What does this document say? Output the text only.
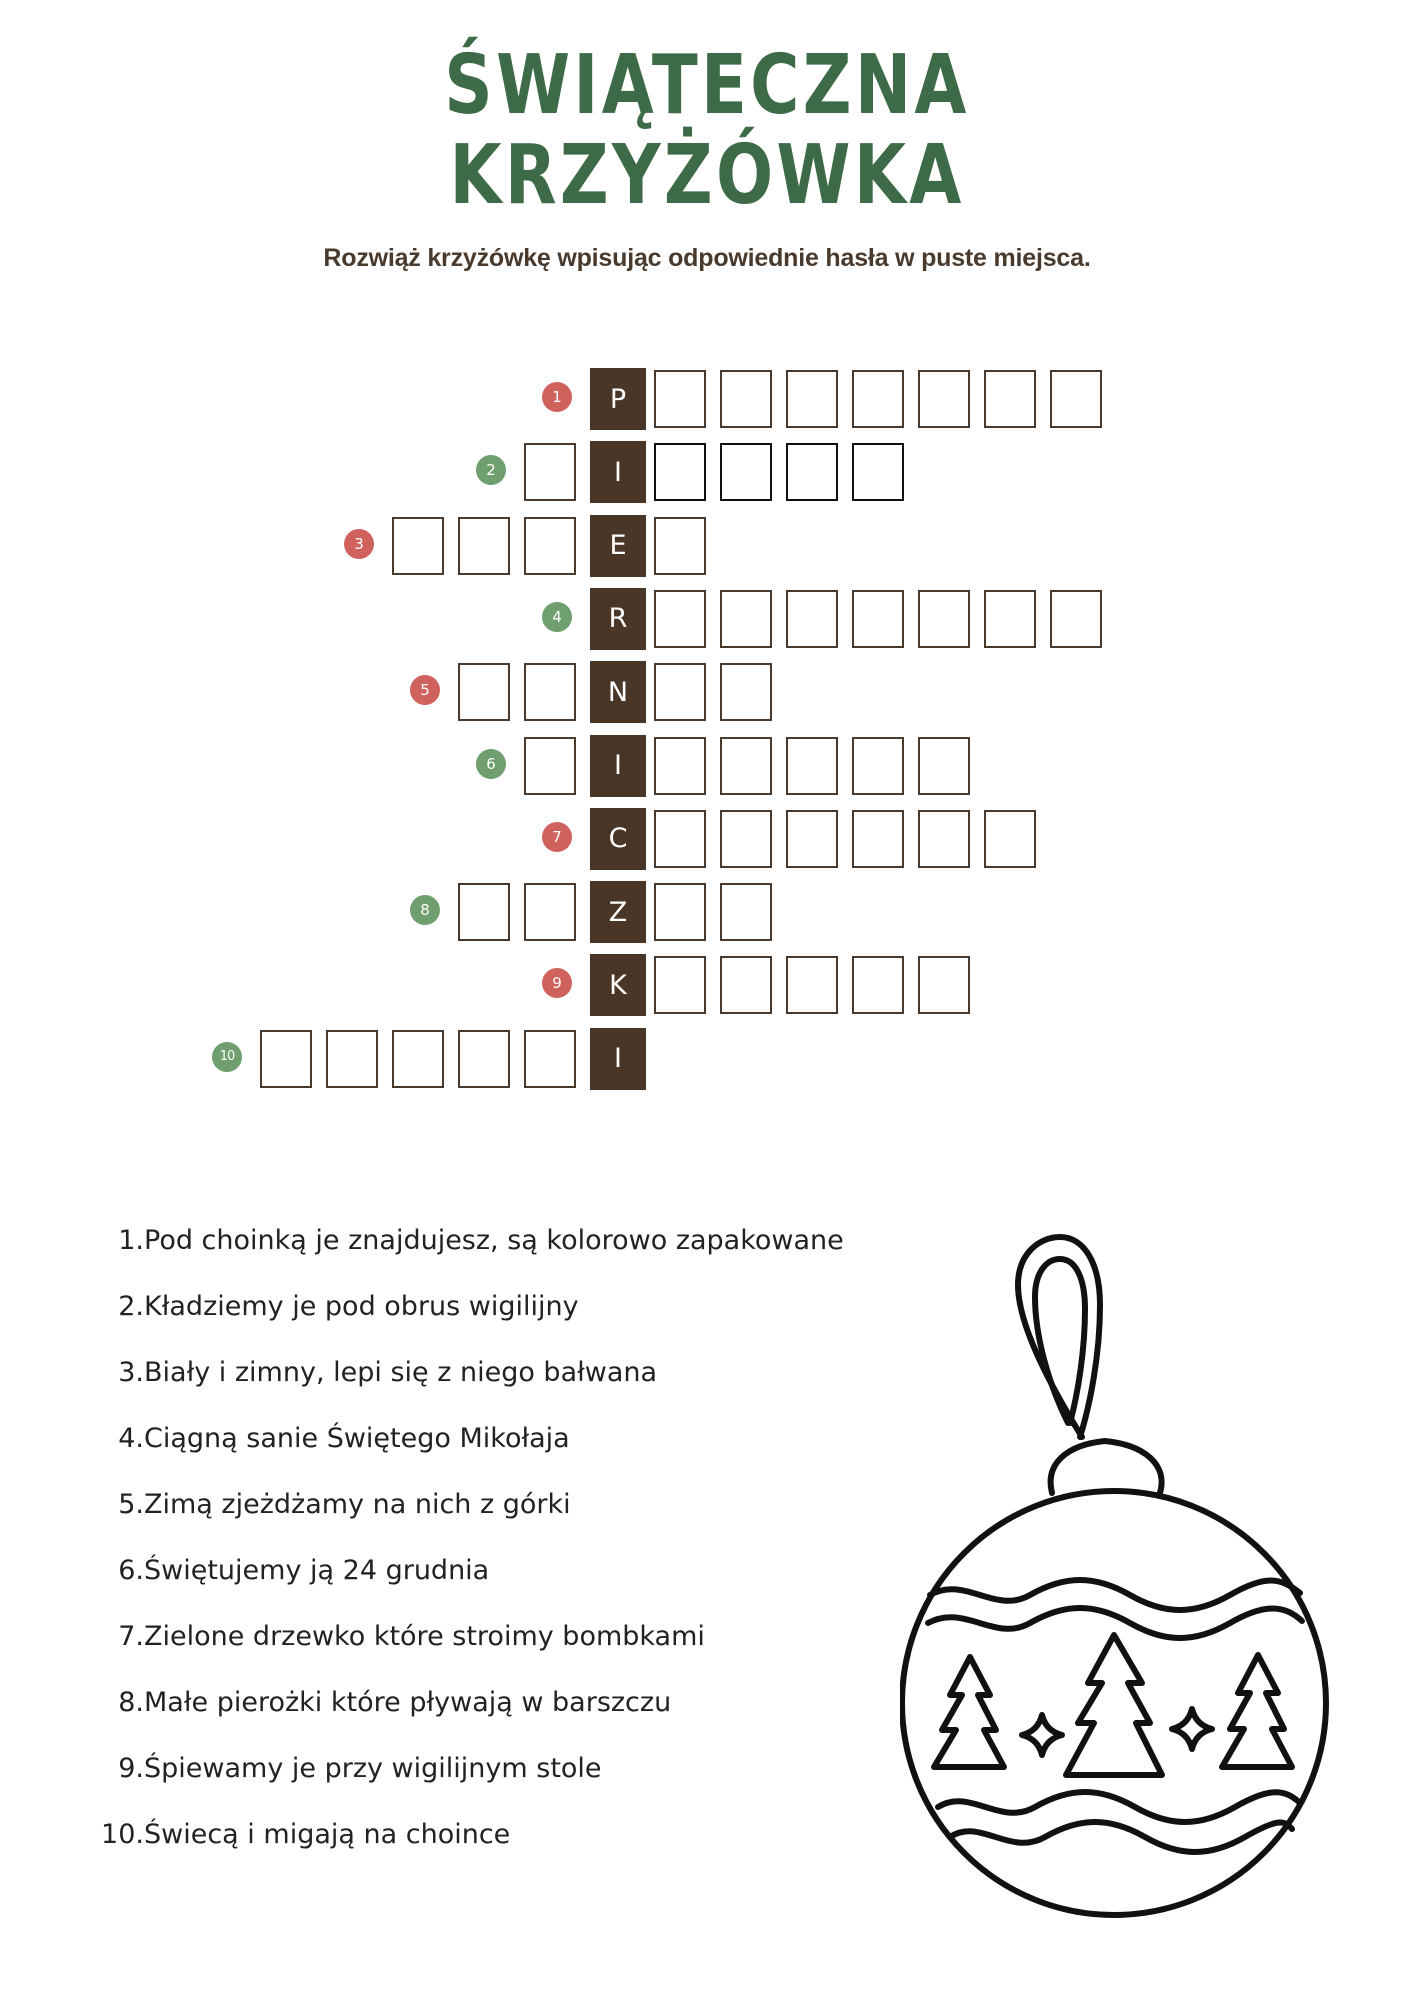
ŚWIĄTECZNA
KRZYŻÓWKA
Rozwiąż krzyżówkę wpisując odpowiednie hasła w puste miejsca.
P
1
I
2
E
3
R
4
N
5
I
6
C
7
Z
8
K
9
I
10
1.Pod choinką je znajdujesz, są kolorowo zapakowane
2.Kładziemy je pod obrus wigilijny
3.Biały i zimny, lepi się z niego bałwana
4.Ciągną sanie Świętego Mikołaja
5.Zimą zjeżdżamy na nich z górki
6.Świętujemy ją 24 grudnia
7.Zielone drzewko które stroimy bombkami
8.Małe pierożki które pływają w barszczu
9.Śpiewamy je przy wigilijnym stole
10.Świecą i migają na choince
